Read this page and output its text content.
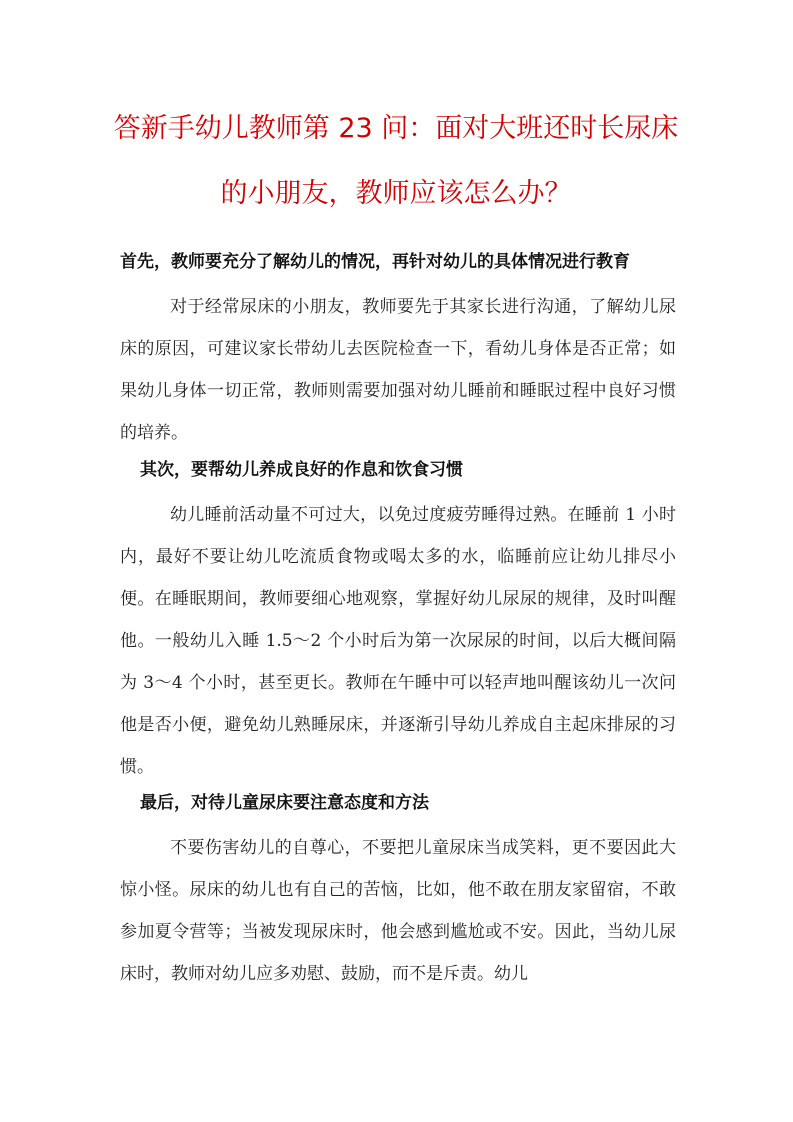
答新手幼儿教师第 23 问：面对大班还时长尿床
的小朋友，教师应该怎么办？
首先，教师要充分了解幼儿的情况，再针对幼儿的具体情况进行教育
对于经常尿床的小朋友，教师要先于其家长进行沟通，了解幼儿尿床的原因，可建议家长带幼儿去医院检查一下，看幼儿身体是否正常；如果幼儿身体一切正常，教师则需要加强对幼儿睡前和睡眠过程中良好习惯的培养。
其次，要帮幼儿养成良好的作息和饮食习惯
幼儿睡前活动量不可过大，以免过度疲劳睡得过熟。在睡前 1 小时内，最好不要让幼儿吃流质食物或喝太多的水，临睡前应让幼儿排尽小便。在睡眠期间，教师要细心地观察，掌握好幼儿尿尿的规律，及时叫醒他。一般幼儿入睡 1.5～2 个小时后为第一次尿尿的时间，以后大概间隔为 3～4 个小时，甚至更长。教师在午睡中可以轻声地叫醒该幼儿一次问他是否小便，避免幼儿熟睡尿床，并逐渐引导幼儿养成自主起床排尿的习惯。
最后，对待儿童尿床要注意态度和方法
不要伤害幼儿的自尊心，不要把儿童尿床当成笑料，更不要因此大惊小怪。尿床的幼儿也有自己的苦恼，比如，他不敢在朋友家留宿，不敢参加夏令营等；当被发现尿床时，他会感到尴尬或不安。因此，当幼儿尿床时，教师对幼儿应多劝慰、鼓励，而不是斥责。幼儿
